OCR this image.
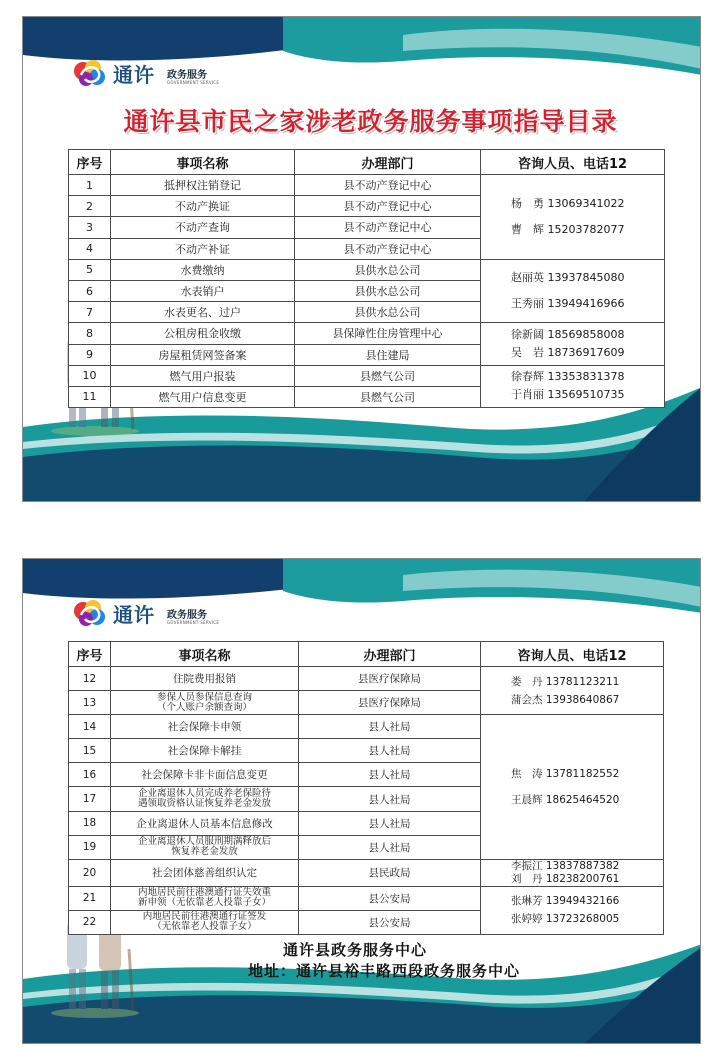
通许 政务服务
GOVERNMENT SERVICE
通许县市民之家涉老政务服务事项指导目录
序号	事项名称	办理部门	咨询人员、电话12
1	抵押权注销登记	县不动产登记中心	杨　勇 13069341022
曹　辉 15203782077

2	不动产换证	县不动产登记中心	
3	不动产查询	县不动产登记中心	
4	不动产补证	县不动产登记中心	
5	水费缴纳	县供水总公司	赵丽英 13937845080
王秀丽 13949416966

6	水表销户	县供水总公司	
7	水表更名、过户	县供水总公司	
8	公租房租金收缴	县保障性住房管理中心	徐新阔 18569858008
吴　岩 18736917609

9	房屋租赁网签备案	县住建局	
10	燃气用户报装	县燃气公司	徐春辉 13353831378
于肖丽 13569510735

11	燃气用户信息变更	县燃气公司	
通许 政务服务
GOVERNMENT SERVICE
序号	事项名称	办理部门	咨询人员、电话12
12	住院费用报销	县医疗保障局	娄　丹 13781123211
蒲会杰 13938640867

13	参保人员参保信息查询
（个人账户余额查询）	县医疗保障局	
14	社会保障卡申领	县人社局	焦　涛 13781182552
王晨辉 18625464520

15	社会保障卡解挂	县人社局	
16	社会保障卡非卡面信息变更	县人社局	
17	企业离退休人员完成养老保险待
遇领取资格认证恢复养老金发放	县人社局	
18	企业离退休人员基本信息修改	县人社局	
19	企业离退休人员服刑期满释放后
恢复养老金发放	县人社局	
20	社会团体慈善组织认定	县民政局	李振江 13837887382
刘　丹 18238200761

21	内地居民前往港澳通行证失效重
新申领（无依靠老人投靠子女）	县公安局	张琳芳 13949432166
张婷婷 13723268005

22	内地居民前往港澳通行证签发
（无依靠老人投靠子女）	县公安局	
通许县政务服务中心
地址：通许县裕丰路西段政务服务中心
